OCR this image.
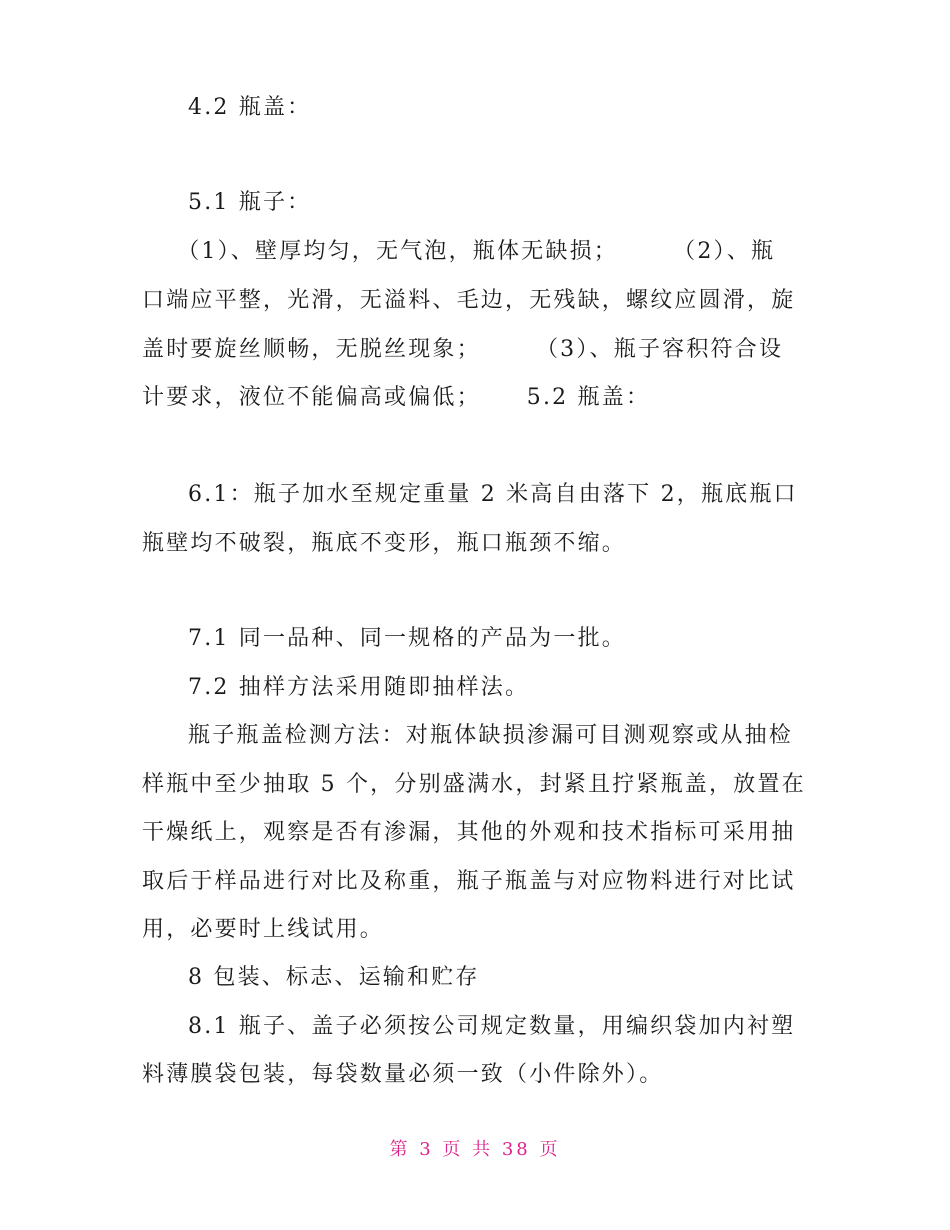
4.2 瓶盖：
5.1 瓶子：
（1）、壁厚均匀，无气泡，瓶体无缺损；      （2）、瓶
口端应平整，光滑，无溢料、毛边，无残缺，螺纹应圆滑，旋
盖时要旋丝顺畅，无脱丝现象；      （3）、瓶子容积符合设
计要求，液位不能偏高或偏低；     5.2 瓶盖：
6.1：瓶子加水至规定重量 2 米高自由落下 2，瓶底瓶口
瓶壁均不破裂，瓶底不变形，瓶口瓶颈不缩。
7.1 同一品种、同一规格的产品为一批。
7.2 抽样方法采用随即抽样法。
瓶子瓶盖检测方法：对瓶体缺损渗漏可目测观察或从抽检
样瓶中至少抽取 5 个，分别盛满水，封紧且拧紧瓶盖，放置在
干燥纸上，观察是否有渗漏，其他的外观和技术指标可采用抽
取后于样品进行对比及称重，瓶子瓶盖与对应物料进行对比试
用，必要时上线试用。
8 包装、标志、运输和贮存
8.1 瓶子、盖子必须按公司规定数量，用编织袋加内衬塑
料薄膜袋包装，每袋数量必须一致（小件除外）。
第 3 页 共 38 页
